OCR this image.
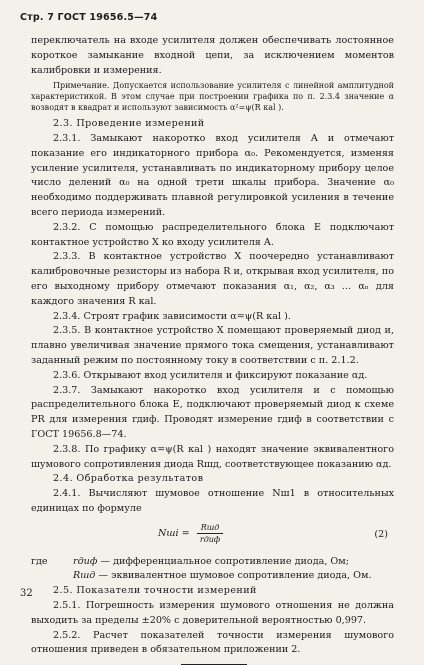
Стр. 7 ГОСТ 19656.5—74

переключатель на входе усилителя должен обеспечивать лостоянное короткое замыкание входной цепи, за исключением моментов калибровки и измерения.

Примечание. Допускается использование усилителя с линейной амплитудной характеристикой. В этом случае при построении графика по п. 2.3.4 значение α возводят в квадрат и используют зависимость α²=ψ(R кal ).

2.3. Проведение измерений

2.3.1. Замыкают накоротко вход усилителя A и отмечают показание его индикаторного прибора α₀. Рекомендуется, изменяя усиление усилителя, устанавливать по индикаторному прибору целое число делений α₀ на одной трети шкалы прибора. Значение α₀ необходимо поддерживать плавной регулировкой усиления в течение всего периода измерений.

2.3.2. С помощью распределительного блока E подключают контактное устройство X ко входу усилителя A.

2.3.3. В контактное устройство X поочередно устанавливают калибровочные резисторы из набора R и, открывая вход усилителя, по его выходному прибору отмечают показания α₁, α₂, α₃ … αₙ для каждого значения R кal.

2.3.4. Строят график зависимости α=ψ(R кal ).

2.3.5. В контактное устройство X помещают проверяемый диод и, плавно увеличивая значение прямого тока смещения, устанавливают заданный режим по постоянному току в соответствии с п. 2.1.2.

2.3.6. Открывают вход усилителя и фиксируют показание αд.

2.3.7. Замыкают накоротко вход усилителя и с помощью распределительного блока E, подключают проверяемый диод к схеме PR для измерения rдиф. Проводят измерение rдиф в соответствии с ГОСТ 19656.8—74.

2.3.8. По графику α=ψ(R кal ) находят значение эквивалентного шумового сопротивления диода Rшд, соответствующее показанию αд.

2.4. Обработка результатов

2.4.1. Вычисляют шумовое отношение Nш1 в относительных единицах по формуле

Nшi = $\frac{\text{Rшд}}{\text{rдиф}}$	(2)

где	rдиф — дифференциальное сопротивление диода, Ом;

Rшд — эквивалентное шумовое сопротивление диода, Ом.

2.5. Показатели точности измерений

2.5.1. Погрешность измерения шумового отношения не должна выходить за пределы ±20% с доверительной вероятностью 0,997.

2.5.2. Расчет показателей точности измерения шумового отношения приведен в обязательном приложении 2.

32
